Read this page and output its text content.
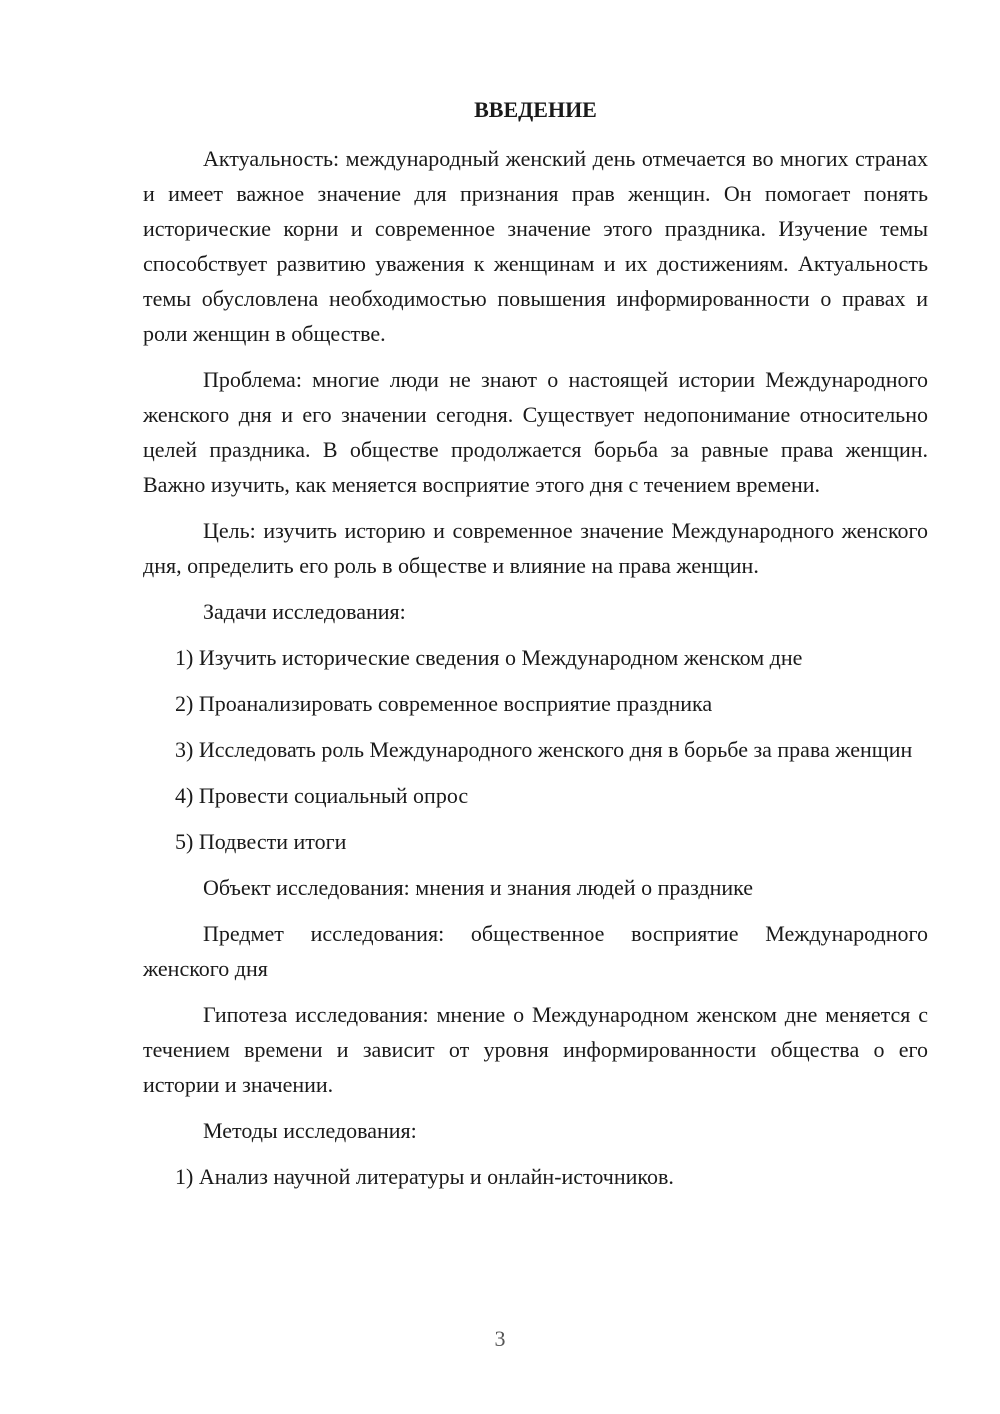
ВВЕДЕНИЕ

Актуальность: международный женский день отмечается во многих странах и имеет важное значение для признания прав женщин. Он помогает понять исторические корни и современное значение этого праздника. Изучение темы способствует развитию уважения к женщинам и их достижениям. Актуальность темы обусловлена необходимостью повышения информированности о правах и роли женщин в обществе.

Проблема: многие люди не знают о настоящей истории Международного женского дня и его значении сегодня. Существует недопонимание относительно целей праздника. В обществе продолжается борьба за равные права женщин. Важно изучить, как меняется восприятие этого дня с течением времени.

Цель: изучить историю и современное значение Международного женского дня, определить его роль в обществе и влияние на права женщин.

Задачи исследования:

1) Изучить исторические сведения о Международном женском дне

2) Проанализировать современное восприятие праздника

3) Исследовать роль Международного женского дня в борьбе за права женщин

4) Провести социальный опрос

5) Подвести итоги

Объект исследования: мнения и знания людей о празднике

Предмет исследования: общественное восприятие Международного женского дня

Гипотеза исследования: мнение о Международном женском дне меняется с течением времени и зависит от уровня информированности общества о его истории и значении.

Методы исследования:

1) Анализ научной литературы и онлайн-источников.

3
